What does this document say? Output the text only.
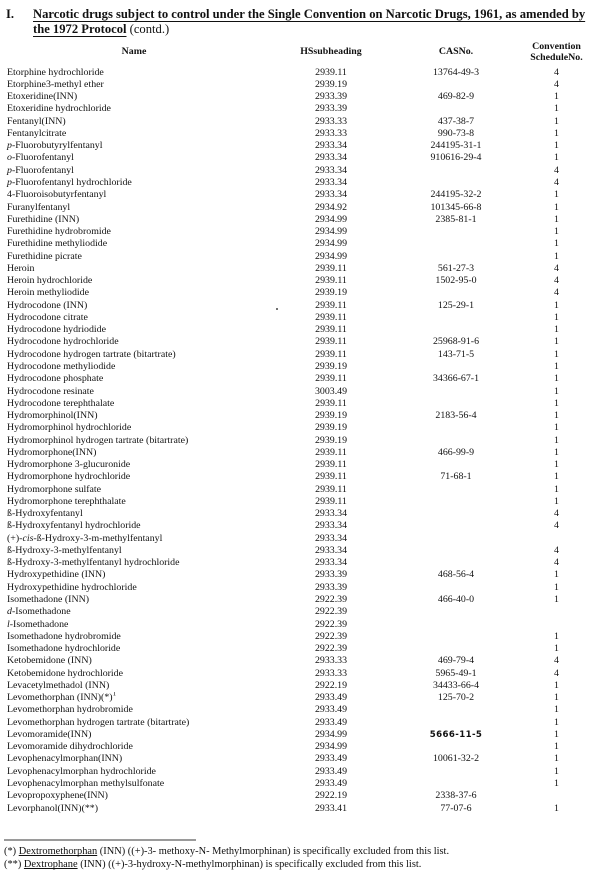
I.	Narcotic drugs subject to control under the Single Convention on Narcotic Drugs, 1961, as amended by the 1972 Protocol (contd.)
Name	HSsubheading	CASNo.	Convention
ScheduleNo.

Etorphine hydrochloride	2939.11	13764-49-3	4
Etorphine3-methyl ether	2939.19		4
Etoxeridine(INN)	2933.39	469-82-9	1
Etoxeridine hydrochloride	2933.39		1
Fentanyl(INN)	2933.33	437-38-7	1
Fentanylcitrate	2933.33	990-73-8	1
p-Fluorobutyrylfentanyl	2933.34	244195-31-1	1
o-Fluorofentanyl	2933.34	910616-29-4	1
p-Fluorofentanyl	2933.34		4
p-Fluorofentanyl hydrochloride	2933.34		4
4-Fluoroisobutyrfentanyl	2933.34	244195-32-2	1
Furanylfentanyl	2934.92	101345-66-8	1
Furethidine (INN)	2934.99	2385-81-1	1
Furethidine hydrobromide	2934.99		1
Furethidine methyliodide	2934.99		1
Furethidine picrate	2934.99		1
Heroin	2939.11	561-27-3	4
Heroin hydrochloride	2939.11	1502-95-0	4
Heroin methyliodide	2939.19		4
Hydrocodone (INN)	2939.11	125-29-1	1
Hydrocodone citrate	2939.11		1
Hydrocodone hydriodide	2939.11		1
Hydrocodone hydrochloride	2939.11	25968-91-6	1
Hydrocodone hydrogen tartrate (bitartrate)	2939.11	143-71-5	1
Hydrocodone methyliodide	2939.19		1
Hydrocodone phosphate	2939.11	34366-67-1	1
Hydrocodone resinate	3003.49		1
Hydrocodone terephthalate	2939.11		1
Hydromorphinol(INN)	2939.19	2183-56-4	1
Hydromorphinol hydrochloride	2939.19		1
Hydromorphinol hydrogen tartrate (bitartrate)	2939.19		1
Hydromorphone(INN)	2939.11	466-99-9	1
Hydromorphone 3-glucuronide	2939.11		1
Hydromorphone hydrochloride	2939.11	71-68-1	1
Hydromorphone sulfate	2939.11		1
Hydromorphone terephthalate	2939.11		1
ß-Hydroxyfentanyl	2933.34		4
ß-Hydroxyfentanyl hydrochloride	2933.34		4
(+)-cis-ß-Hydroxy-3-m-methylfentanyl	2933.34		
ß-Hydroxy-3-methylfentanyl	2933.34		4
ß-Hydroxy-3-methylfentanyl hydrochloride	2933.34		4
Hydroxypethidine (INN)	2933.39	468-56-4	1
Hydroxypethidine hydrochloride	2933.39		1
Isomethadone (INN)	2922.39	466-40-0	1
d-Isomethadone	2922.39		
l-Isomethadone	2922.39		
Isomethadone hydrobromide	2922.39		1
Isomethadone hydrochloride	2922.39		1
Ketobemidone (INN)	2933.33	469-79-4	4
Ketobemidone hydrochloride	2933.33	5965-49-1	4
Levacetylmethadol (INN)	2922.19	34433-66-4	1
Levomethorphan $(INN)(*)^1$	2933.49	125-70-2	1
Levomethorphan hydrobromide	2933.49		1
Levomethorphan hydrogen tartrate (bitartrate)	2933.49		1
Levomoramide(INN)	2934.99	5666-11-5	1
Levomoramide dihydrochloride	2934.99		1
Levophenacylmorphan(INN)	2933.49	10061-32-2	1
Levophenacylmorphan hydrochloride	2933.49		1
Levophenacylmorphan methylsulfonate	2933.49		1
Levopropoxyphene(INN)	2922.19	2338-37-6	
Levorphanol(INN)(**)	2933.41	77-07-6	1
(*) Dextromethorphan (INN) ((+)-3- methoxy-N- Methylmorphinan) is specifically excluded from this list.
(**) Dextrophane (INN) ((+)-3-hydroxy-N-methylmorphinan) is specifically excluded from this list.
